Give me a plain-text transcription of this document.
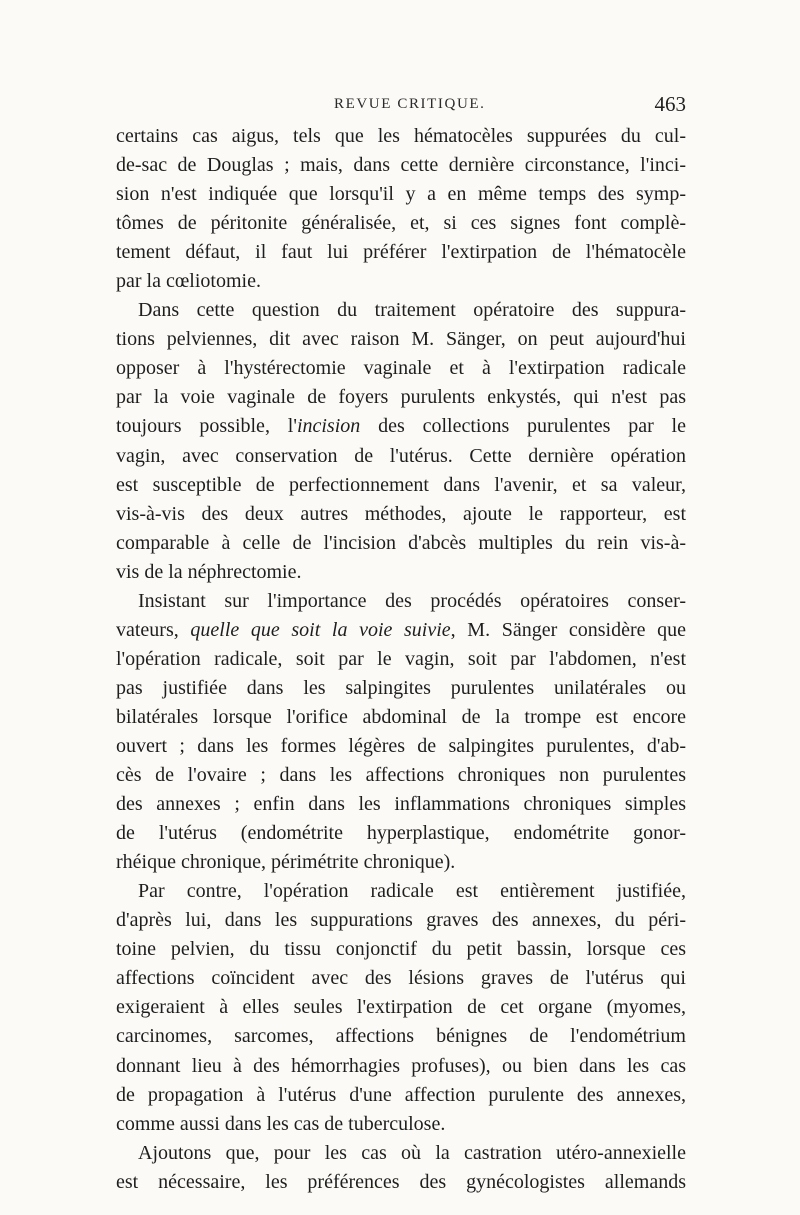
REVUE CRITIQUE.	463

certains cas aigus, tels que les hématocèles suppurées du cul-
de-sac de Douglas ; mais, dans cette dernière circonstance, l'inci-
sion n'est indiquée que lorsqu'il y a en même temps des symp-
tômes de péritonite généralisée, et, si ces signes font complè-
tement défaut, il faut lui préférer l'extirpation de l'hématocèle
par la cœliotomie.

Dans cette question du traitement opératoire des suppura-
tions pelviennes, dit avec raison M. Sänger, on peut aujourd'hui
opposer à l'hystérectomie vaginale et à l'extirpation radicale
par la voie vaginale de foyers purulents enkystés, qui n'est pas
toujours possible, l'incision des collections purulentes par le
vagin, avec conservation de l'utérus. Cette dernière opération
est susceptible de perfectionnement dans l'avenir, et sa valeur,
vis-à-vis des deux autres méthodes, ajoute le rapporteur, est
comparable à celle de l'incision d'abcès multiples du rein vis-à-
vis de la néphrectomie.

Insistant sur l'importance des procédés opératoires conser-
vateurs, quelle que soit la voie suivie, M. Sänger considère que
l'opération radicale, soit par le vagin, soit par l'abdomen, n'est
pas justifiée dans les salpingites purulentes unilatérales ou
bilatérales lorsque l'orifice abdominal de la trompe est encore
ouvert ; dans les formes légères de salpingites purulentes, d'ab-
cès de l'ovaire ; dans les affections chroniques non purulentes
des annexes ; enfin dans les inflammations chroniques simples
de l'utérus (endométrite hyperplastique, endométrite gonor-
rhéique chronique, périmétrite chronique).

Par contre, l'opération radicale est entièrement justifiée,
d'après lui, dans les suppurations graves des annexes, du péri-
toine pelvien, du tissu conjonctif du petit bassin, lorsque ces
affections coïncident avec des lésions graves de l'utérus qui
exigeraient à elles seules l'extirpation de cet organe (myomes,
carcinomes, sarcomes, affections bénignes de l'endométrium
donnant lieu à des hémorrhagies profuses), ou bien dans les cas
de propagation à l'utérus d'une affection purulente des annexes,
comme aussi dans les cas de tuberculose.

Ajoutons que, pour les cas où la castration utéro-annexielle
est nécessaire, les préférences des gynécologistes allemands
